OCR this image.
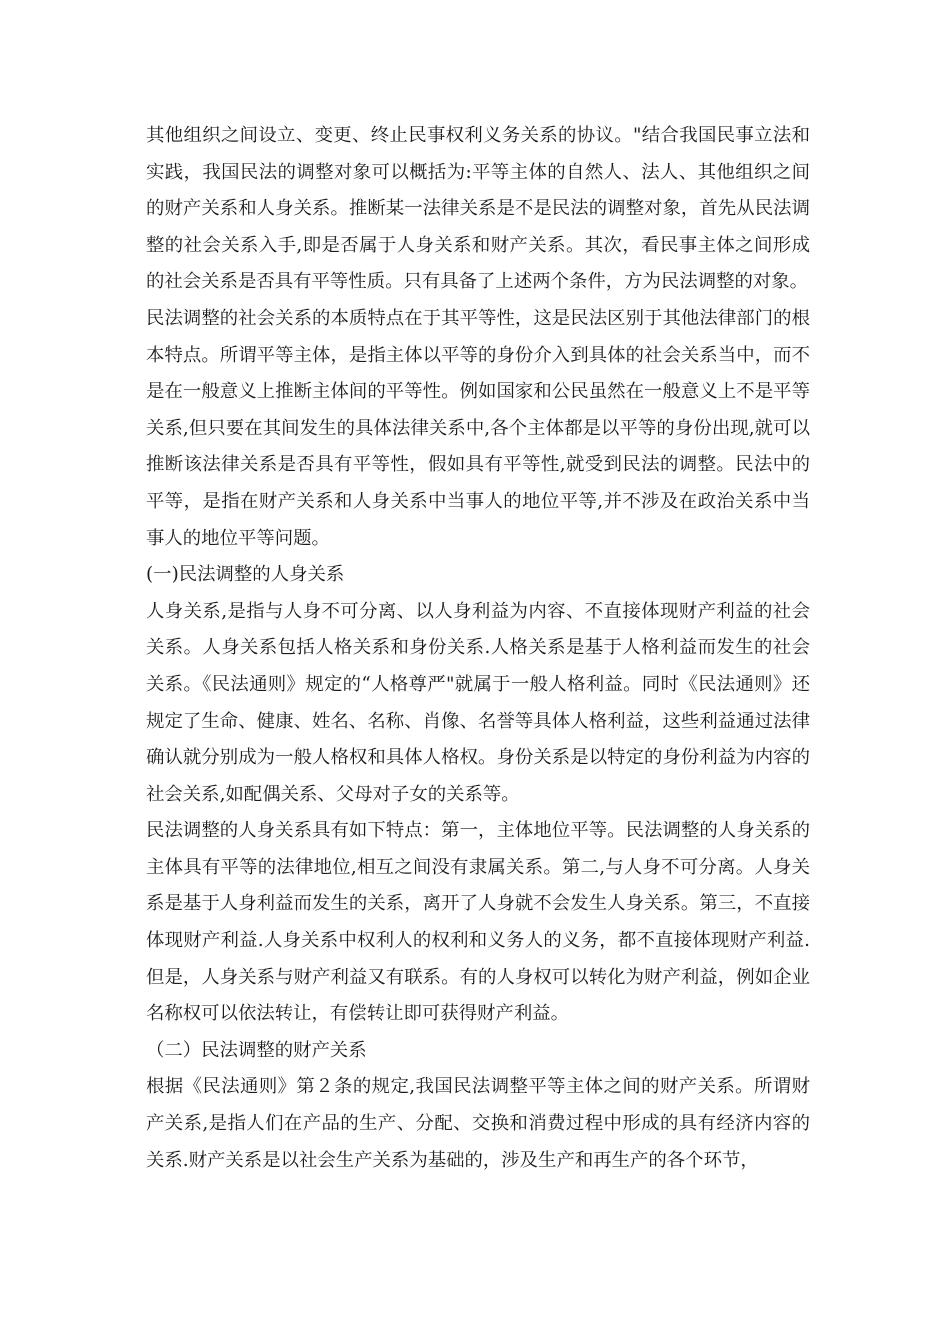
其他组织之间设立、变更、终止民事权利义务关系的协议。"结合我国民事立法和实践，我国民法的调整对象可以概括为:平等主体的自然人、法人、其他组织之间的财产关系和人身关系。推断某一法律关系是不是民法的调整对象，首先从民法调整的社会关系入手,即是否属于人身关系和财产关系。其次，看民事主体之间形成的社会关系是否具有平等性质。只有具备了上述两个条件，方为民法调整的对象。

民法调整的社会关系的本质特点在于其平等性，这是民法区别于其他法律部门的根本特点。所谓平等主体，是指主体以平等的身份介入到具体的社会关系当中，而不是在一般意义上推断主体间的平等性。例如国家和公民虽然在一般意义上不是平等关系,但只要在其间发生的具体法律关系中,各个主体都是以平等的身份出现,就可以推断该法律关系是否具有平等性，假如具有平等性,就受到民法的调整。民法中的平等，是指在财产关系和人身关系中当事人的地位平等,并不涉及在政治关系中当事人的地位平等问题。

(一)民法调整的人身关系

人身关系,是指与人身不可分离、以人身利益为内容、不直接体现财产利益的社会关系。人身关系包括人格关系和身份关系.人格关系是基于人格利益而发生的社会关系。《民法通则》规定的“人格尊严"就属于一般人格利益。同时《民法通则》还规定了生命、健康、姓名、名称、肖像、名誉等具体人格利益，这些利益通过法律确认就分别成为一般人格权和具体人格权。身份关系是以特定的身份利益为内容的社会关系,如配偶关系、父母对子女的关系等。

民法调整的人身关系具有如下特点：第一，主体地位平等。民法调整的人身关系的主体具有平等的法律地位,相互之间没有隶属关系。第二,与人身不可分离。人身关系是基于人身利益而发生的关系，离开了人身就不会发生人身关系。第三，不直接体现财产利益.人身关系中权利人的权利和义务人的义务，都不直接体现财产利益.但是，人身关系与财产利益又有联系。有的人身权可以转化为财产利益，例如企业名称权可以依法转让，有偿转让即可获得财产利益。

（二）民法调整的财产关系

根据《民法通则》第２条的规定,我国民法调整平等主体之间的财产关系。所谓财产关系,是指人们在产品的生产、分配、交换和消费过程中形成的具有经济内容的关系.财产关系是以社会生产关系为基础的，涉及生产和再生产的各个环节，
